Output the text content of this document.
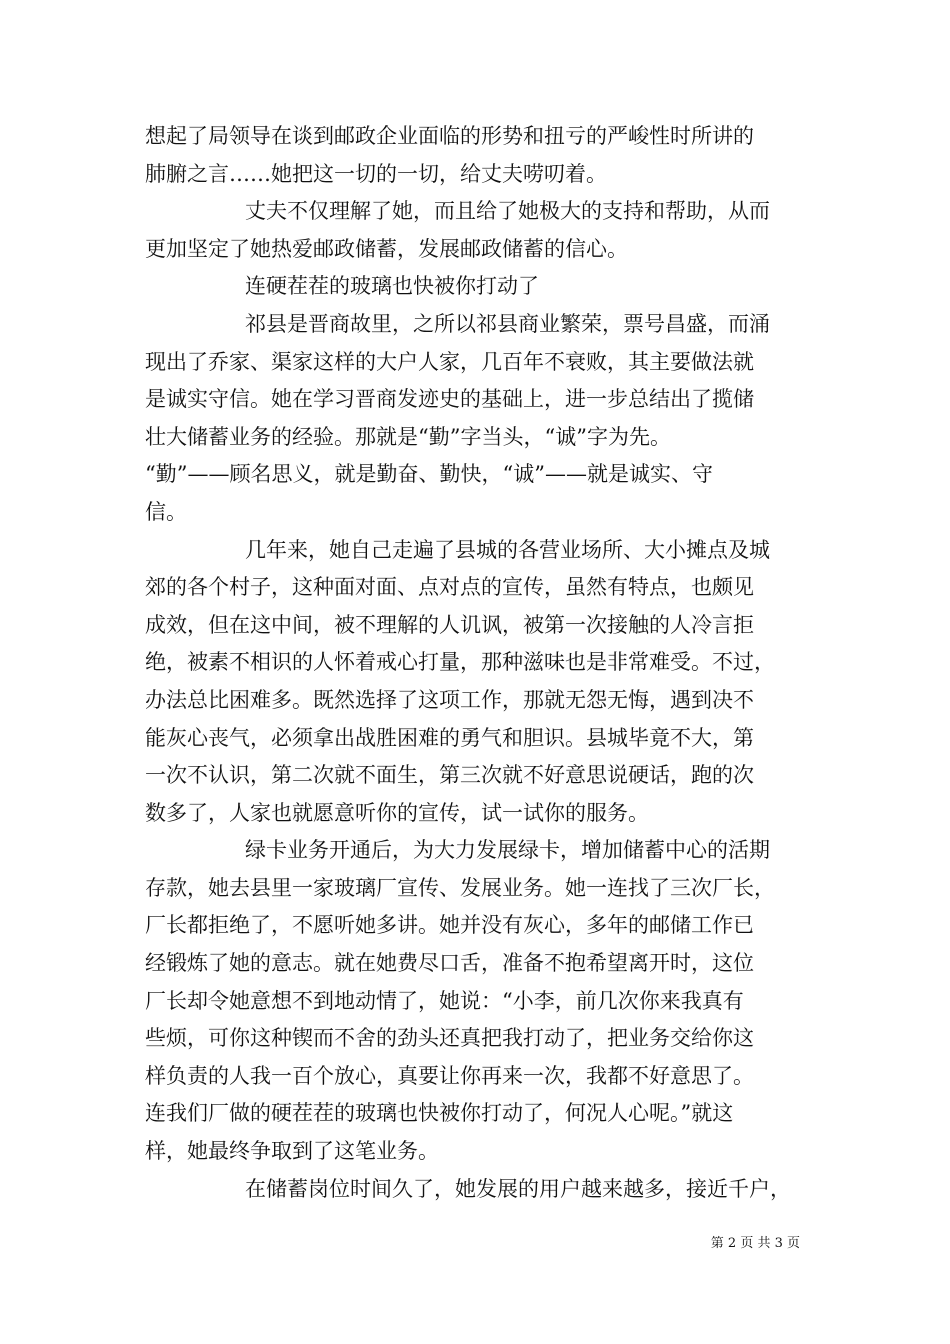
想起了局领导在谈到邮政企业面临的形势和扭亏的严峻性时所讲的
肺腑之言……她把这一切的一切，给丈夫唠叨着。
丈夫不仅理解了她，而且给了她极大的支持和帮助，从而
更加坚定了她热爱邮政储蓄，发展邮政储蓄的信心。
连硬茬茬的玻璃也快被你打动了
祁县是晋商故里，之所以祁县商业繁荣，票号昌盛，而涌
现出了乔家、渠家这样的大户人家，几百年不衰败，其主要做法就
是诚实守信。她在学习晋商发迹史的基础上，进一步总结出了揽储
壮大储蓄业务的经验。那就是“勤”字当头，“诚”字为先。
“勤”——顾名思义，就是勤奋、勤快，“诚”——就是诚实、守
信。
几年来，她自己走遍了县城的各营业场所、大小摊点及城
郊的各个村子，这种面对面、点对点的宣传，虽然有特点，也颇见
成效，但在这中间，被不理解的人讥讽，被第一次接触的人冷言拒
绝，被素不相识的人怀着戒心打量，那种滋味也是非常难受。不过，
办法总比困难多。既然选择了这项工作，那就无怨无悔，遇到决不
能灰心丧气，必须拿出战胜困难的勇气和胆识。县城毕竟不大，第
一次不认识，第二次就不面生，第三次就不好意思说硬话，跑的次
数多了，人家也就愿意听你的宣传，试一试你的服务。
绿卡业务开通后，为大力发展绿卡，增加储蓄中心的活期
存款，她去县里一家玻璃厂宣传、发展业务。她一连找了三次厂长，
厂长都拒绝了，不愿听她多讲。她并没有灰心，多年的邮储工作已
经锻炼了她的意志。就在她费尽口舌，准备不抱希望离开时，这位
厂长却令她意想不到地动情了，她说：“小李，前几次你来我真有
些烦，可你这种锲而不舍的劲头还真把我打动了，把业务交给你这
样负责的人我一百个放心，真要让你再来一次，我都不好意思了。
连我们厂做的硬茬茬的玻璃也快被你打动了，何况人心呢。”就这
样，她最终争取到了这笔业务。
在储蓄岗位时间久了，她发展的用户越来越多，接近千户，
第 2 页 共 3 页
